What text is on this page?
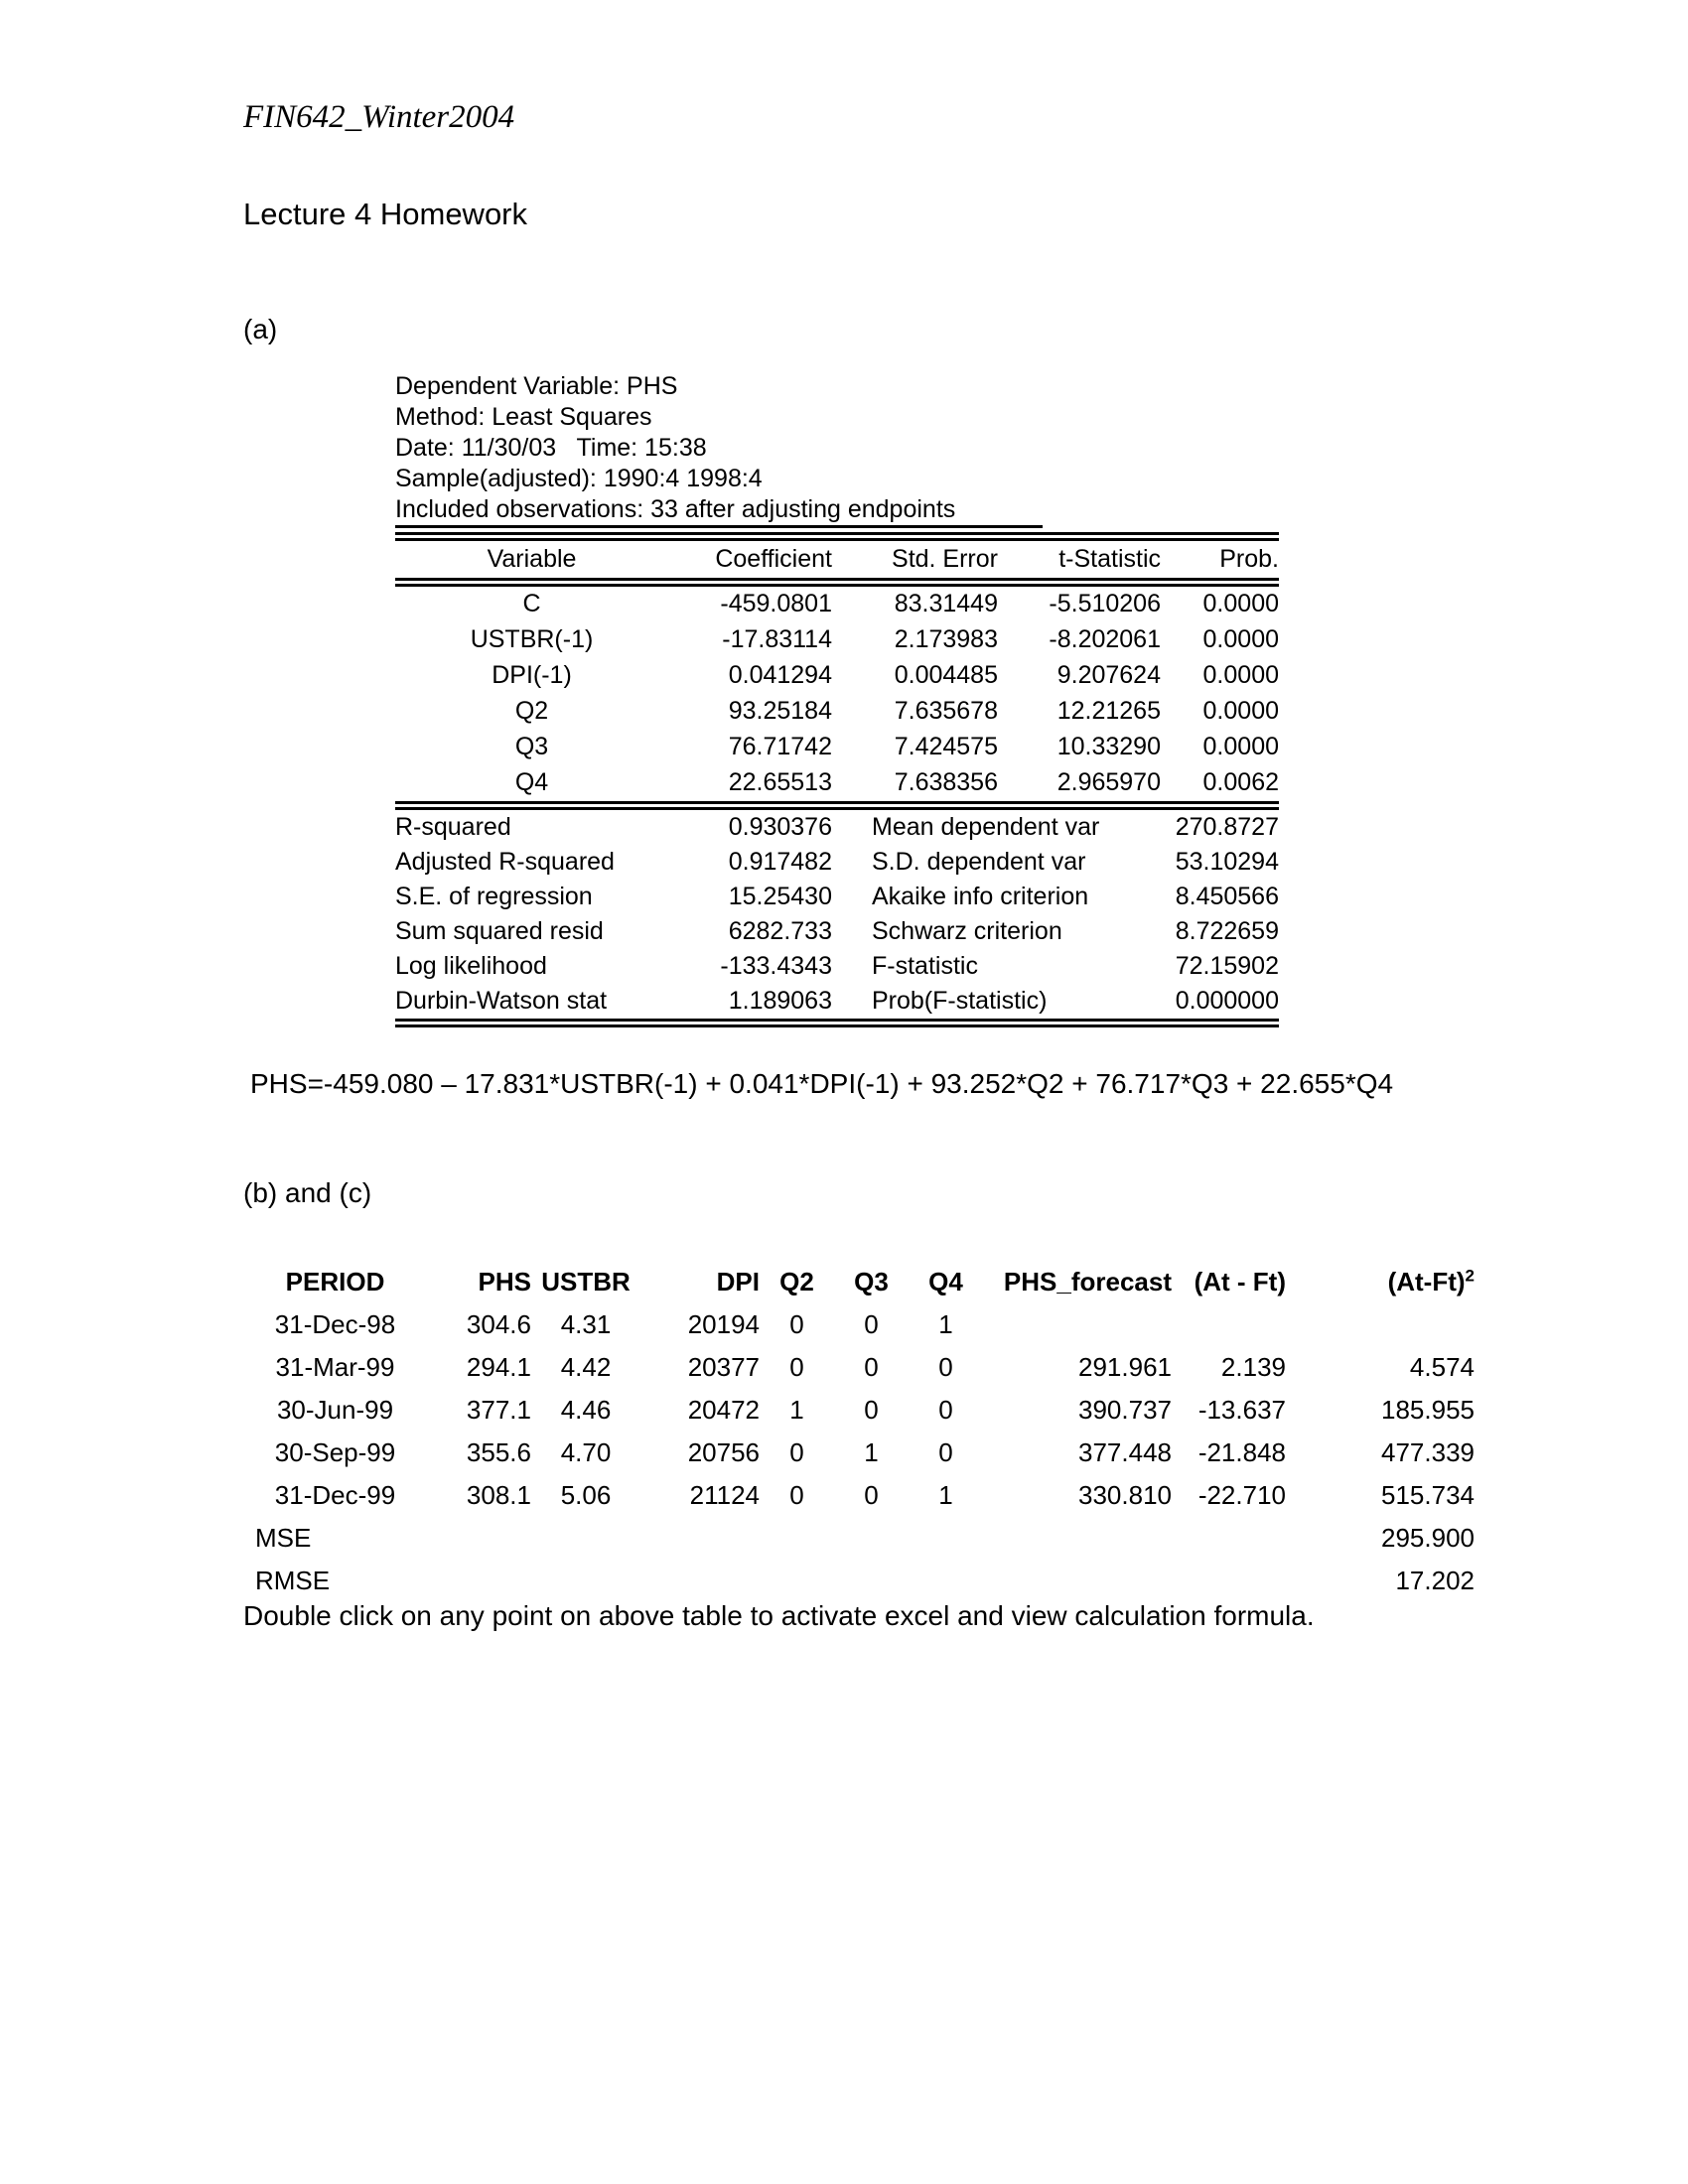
FIN642_Winter2004
Lecture 4 Homework
(a)
Dependent Variable: PHS
Method: Least Squares
Date: 11/30/03   Time: 15:38
Sample(adjusted): 1990:4 1998:4
Included observations: 33 after adjusting endpoints
Variable	Coefficient	Std. Error	t-Statistic	Prob.
C	-459.0801	83.31449	-5.510206	0.0000
USTBR(-1)	-17.83114	2.173983	-8.202061	0.0000
DPI(-1)	0.041294	0.004485	9.207624	0.0000
Q2	93.25184	7.635678	12.21265	0.0000
Q3	76.71742	7.424575	10.33290	0.0000
Q4	22.65513	7.638356	2.965970	0.0062
R-squared	0.930376	Mean dependent var	270.8727
Adjusted R-squared	0.917482	S.D. dependent var	53.10294
S.E. of regression	15.25430	Akaike info criterion	8.450566
Sum squared resid	6282.733	Schwarz criterion	8.722659
Log likelihood	-133.4343	F-statistic	72.15902
Durbin-Watson stat	1.189063	Prob(F-statistic)	0.000000
PHS=-459.080 – 17.831*USTBR(-1) + 0.041*DPI(-1) + 93.252*Q2 + 76.717*Q3 + 22.655*Q4
(b) and (c)
PERIOD	PHS	USTBR	DPI	Q2	Q3	Q4	PHS_forecast	(At - Ft)	$(At-Ft)^2$
31-Dec-98	304.6	4.31	20194	0	0	1			
31-Mar-99	294.1	4.42	20377	0	0	0	291.961	2.139	4.574
30-Jun-99	377.1	4.46	20472	1	0	0	390.737	-13.637	185.955
30-Sep-99	355.6	4.70	20756	0	1	0	377.448	-21.848	477.339
31-Dec-99	308.1	5.06	21124	0	0	1	330.810	-22.710	515.734
MSE									295.900
RMSE									17.202
Double click on any point on above table to activate excel and view calculation formula.
